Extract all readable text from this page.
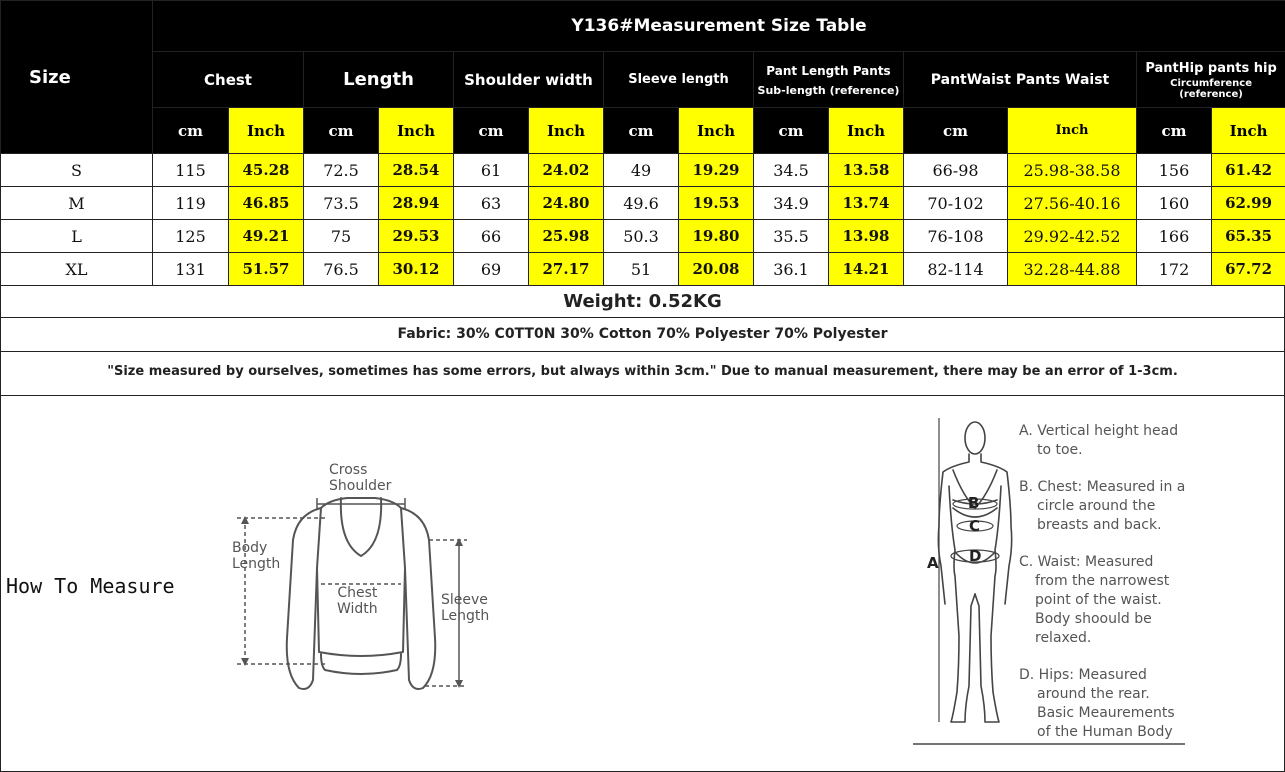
Size	Y136#Measurement Size Table													
	Chest		Length		Shoulder width		Sleeve length		Pant Length Pants
Sub-length (reference)		PantWaist Pants Waist		PantHip pants hip
Circumference
(reference)	

	cm	Inch	cm	Inch	cm	Inch	cm	Inch	cm	Inch	cm	Inch	cm	Inch
S	115	45.28	72.5	28.54	61	24.02	49	19.29	34.5	13.58	66-98	25.98-38.58	156	61.42
M	119	46.85	73.5	28.94	63	24.80	49.6	19.53	34.9	13.74	70-102	27.56-40.16	160	62.99
L	125	49.21	75	29.53	66	25.98	50.3	19.80	35.5	13.98	76-108	29.92-42.52	166	65.35
XL	131	51.57	76.5	30.12	69	27.17	51	20.08	36.1	14.21	82-114	32.28-44.88	172	67.72
Weight: 0.52KG
Fabric: 30% C0TT0N 30% Cotton 70% Polyester 70% Polyester
"Size measured by ourselves, sometimes has some errors, but always within 3cm." Due to manual measurement, there may be an error of 1-3cm.
How To Measure
Cross
Shoulder
Body
Length
Chest
Width
Sleeve
Length
B
C
D
A
A. Vertical height head
to toe.
B. Chest: Measured in a
circle around the
breasts and back.
C. Waist: Measured
from the narrowest
point of the waist.
Body shoould be
relaxed.
D. Hips: Measured
around the rear.
Basic Meaurements
of the Human Body
